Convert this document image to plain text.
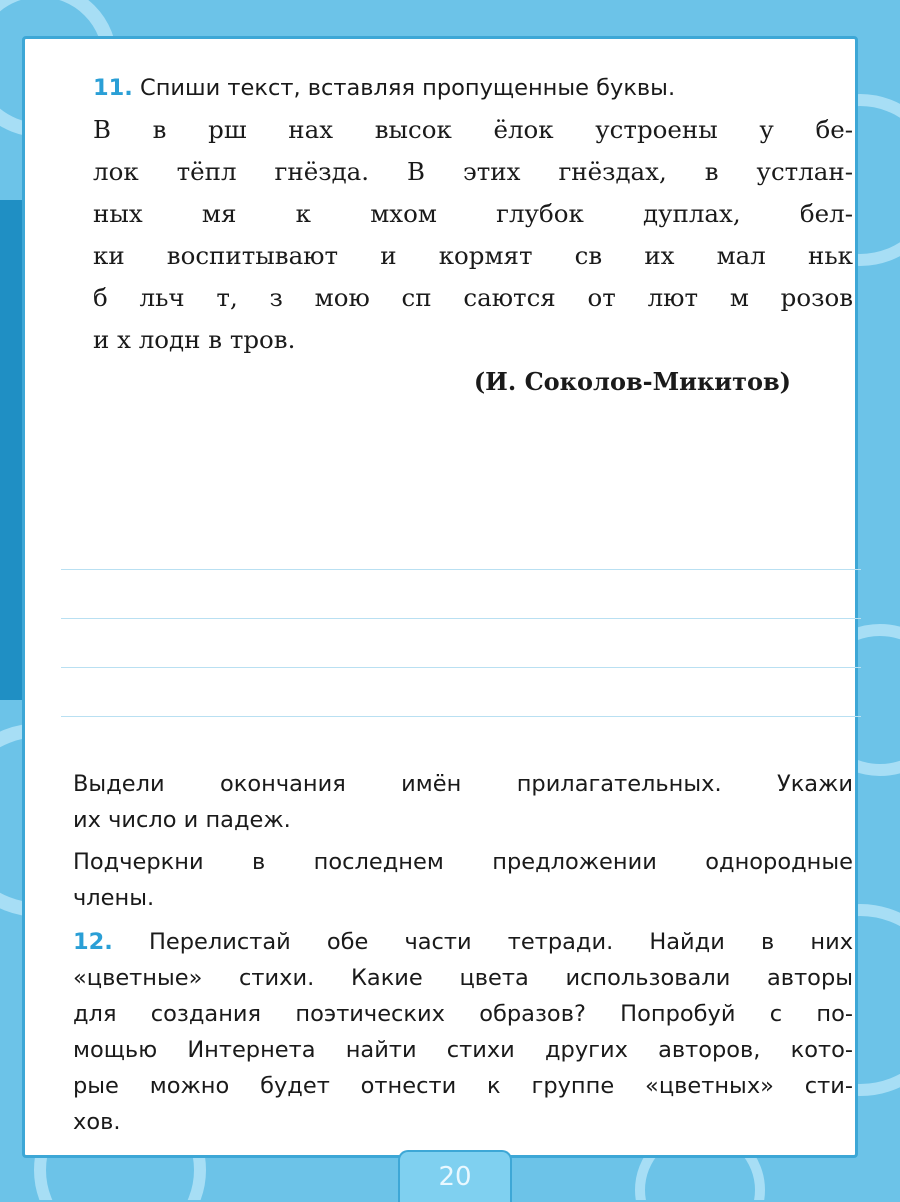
11. Спиши текст, вставляя пропущенные буквы.

В в рш нах высок ёлок устроены у бе-

лок тёпл гнёзда. В этих гнёздах, в устлан-

ных мя к мхом глубок дуплах, бел-

ки воспитывают и кормят св их мал ньк

б льч т, з мою сп саются от лют м розов

и х лодн в тров.

(И. Соколов-Микитов)

Выдели окончания имён прилагательных. Укажи

их число и падеж.

Подчеркни в последнем предложении однородные

члены.

12. Перелистай обе части тетради. Найди в них

«цветные» стихи. Какие цвета использовали авторы

для создания поэтических образов? Попробуй с по-

мощью Интернета найти стихи других авторов, кото-

рые можно будет отнести к группе «цветных» сти-

хов.

20
